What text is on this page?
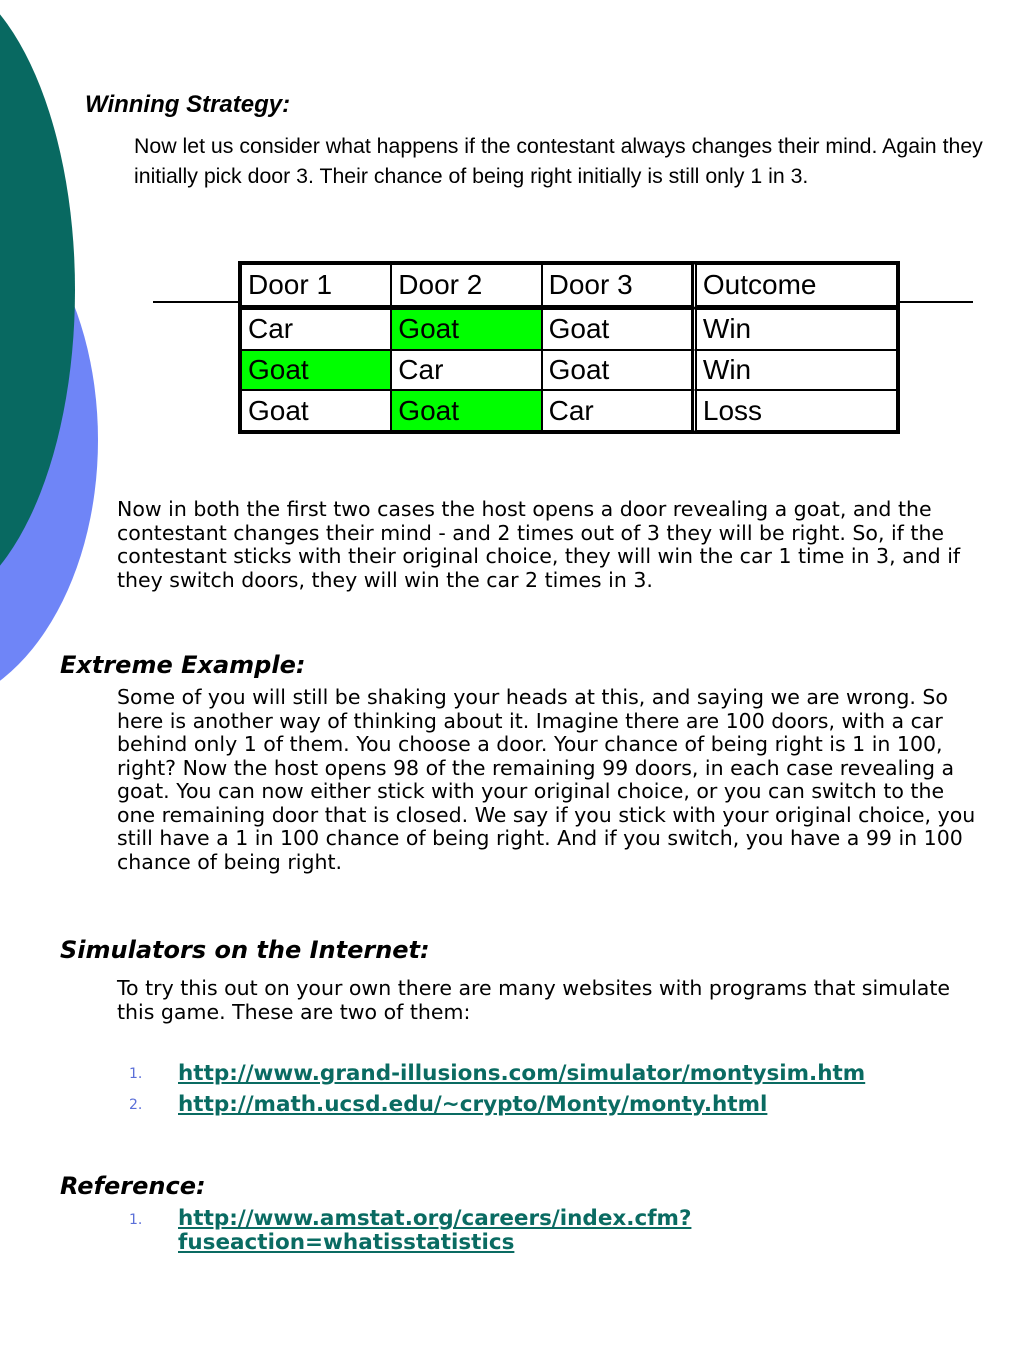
Winning Strategy:

Now let us consider what happens if the contestant always changes their mind. Again they initially pick door 3. Their chance of being right initially is still only 1 in 3.

Door 1	Door 2	Door 3	Outcome
Car	Goat	Goat	Win
Goat	Car	Goat	Win
Goat	Goat	Car	Loss

Now in both the first two cases the host opens a door revealing a goat, and the contestant changes their mind - and 2 times out of 3 they will be right. So, if the contestant sticks with their original choice, they will win the car 1 time in 3, and if they switch doors, they will win the car 2 times in 3.

Extreme Example:

Some of you will still be shaking your heads at this, and saying we are wrong. So here is another way of thinking about it. Imagine there are 100 doors, with a car behind only 1 of them. You choose a door. Your chance of being right is 1 in 100, right? Now the host opens 98 of the remaining 99 doors, in each case revealing a goat. You can now either stick with your original choice, or you can switch to the one remaining door that is closed. We say if you stick with your original choice, you still have a 1 in 100 chance of being right. And if you switch, you have a 99 in 100 chance of being right.

Simulators on the Internet:

To try this out on your own there are many websites with programs that simulate this game. These are two of them:

1. http://www.grand-illusions.com/simulator/montysim.htm
2. http://math.ucsd.edu/~crypto/Monty/monty.html
Reference:
1. http://www.amstat.org/careers/index.cfm?fuseaction=whatisstatistics
